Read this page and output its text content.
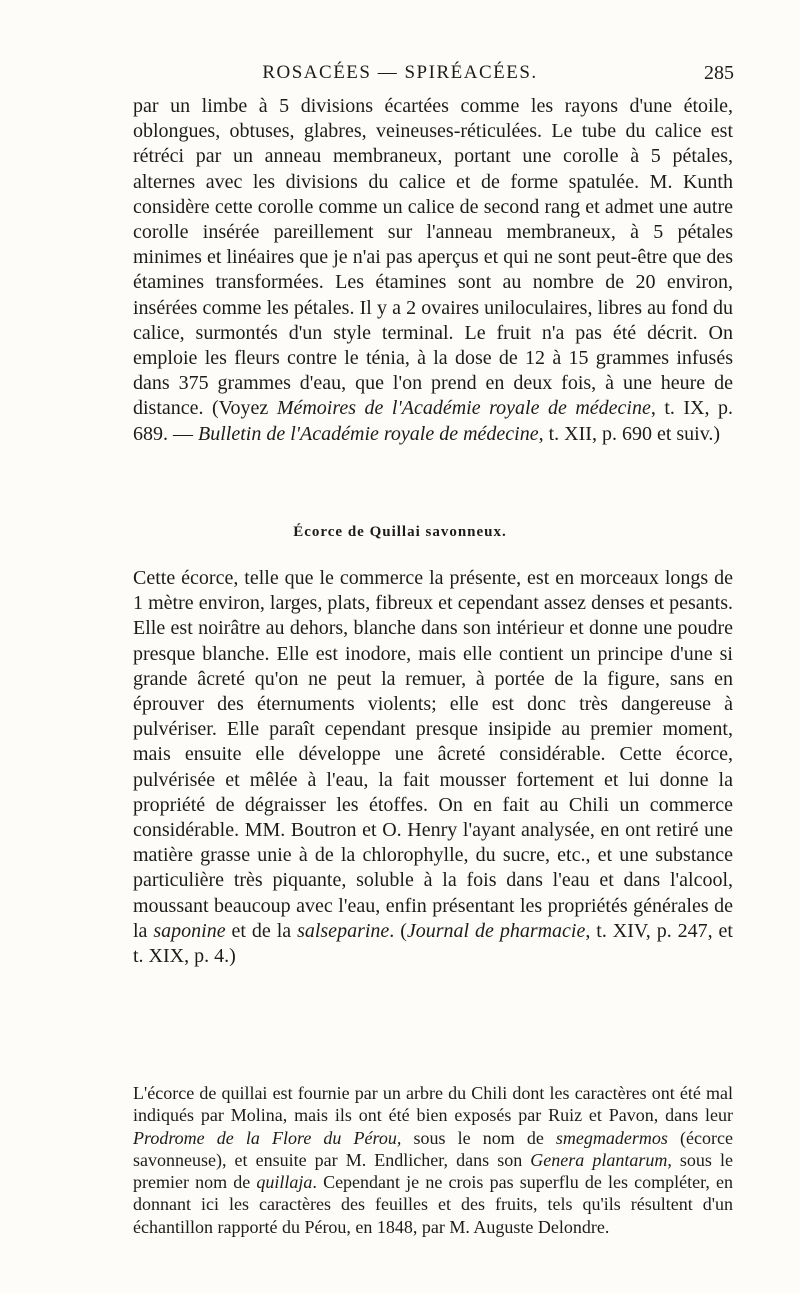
ROSACÉES — SPIRÉACÉES.	285

par un limbe à 5 divisions écartées comme les rayons d'une étoile, oblongues, obtuses, glabres, veineuses-réticulées. Le tube du calice est rétréci par un anneau membraneux, portant une corolle à 5 pétales, alternes avec les divisions du calice et de forme spatulée. M. Kunth considère cette corolle comme un calice de second rang et admet une autre corolle insérée pareillement sur l'anneau membraneux, à 5 pétales minimes et linéaires que je n'ai pas aperçus et qui ne sont peut-être que des étamines transformées. Les étamines sont au nombre de 20 environ, insérées comme les pétales. Il y a 2 ovaires uniloculaires, libres au fond du calice, surmontés d'un style terminal. Le fruit n'a pas été décrit. On emploie les fleurs contre le ténia, à la dose de 12 à 15 grammes infusés dans 375 grammes d'eau, que l'on prend en deux fois, à une heure de distance. (Voyez Mémoires de l'Académie royale de médecine, t. IX, p. 689. — Bulletin de l'Académie royale de médecine, t. XII, p. 690 et suiv.)

Écorce de Quillai savonneux.

Cette écorce, telle que le commerce la présente, est en morceaux longs de 1 mètre environ, larges, plats, fibreux et cependant assez denses et pesants. Elle est noirâtre au dehors, blanche dans son intérieur et donne une poudre presque blanche. Elle est inodore, mais elle contient un principe d'une si grande âcreté qu'on ne peut la remuer, à portée de la figure, sans en éprouver des éternuments violents; elle est donc très dangereuse à pulvériser. Elle paraît cependant presque insipide au premier moment, mais ensuite elle développe une âcreté considérable. Cette écorce, pulvérisée et mêlée à l'eau, la fait mousser fortement et lui donne la propriété de dégraisser les étoffes. On en fait au Chili un commerce considérable. MM. Boutron et O. Henry l'ayant analysée, en ont retiré une matière grasse unie à de la chlorophylle, du sucre, etc., et une substance particulière très piquante, soluble à la fois dans l'eau et dans l'alcool, moussant beaucoup avec l'eau, enfin présentant les propriétés générales de la saponine et de la salseparine. (Journal de pharmacie, t. XIV, p. 247, et t. XIX, p. 4.)

L'écorce de quillai est fournie par un arbre du Chili dont les caractères ont été mal indiqués par Molina, mais ils ont été bien exposés par Ruiz et Pavon, dans leur Prodrome de la Flore du Pérou, sous le nom de smegmadermos (écorce savonneuse), et ensuite par M. Endlicher, dans son Genera plantarum, sous le premier nom de quillaja. Cependant je ne crois pas superflu de les compléter, en donnant ici les caractères des feuilles et des fruits, tels qu'ils résultent d'un échantillon rapporté du Pérou, en 1848, par M. Auguste Delondre.
